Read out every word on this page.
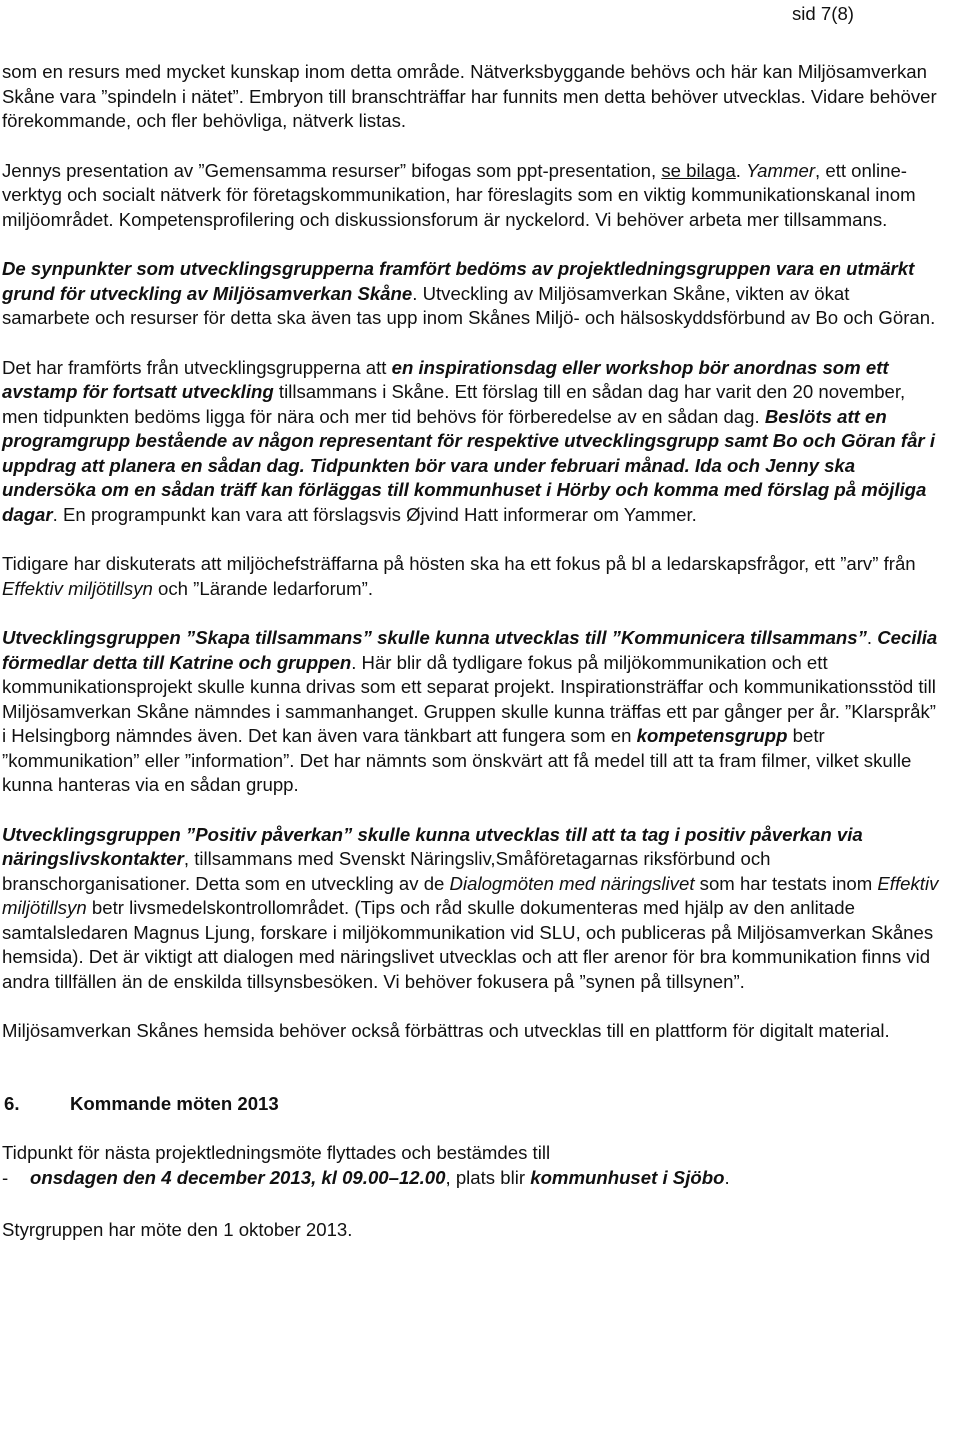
sid 7(8)

som en resurs med mycket kunskap inom detta område. Nätverksbyggande behövs och här kan Miljösamverkan Skåne vara ”spindeln i nätet”. Embryon till branschträffar har funnits men detta behöver utvecklas. Vidare behöver förekommande, och fler behövliga, nätverk listas.

Jennys presentation av ”Gemensamma resurser” bifogas som ppt-presentation, se bilaga. Yammer, ett online-verktyg och socialt nätverk för företagskommunikation, har föreslagits som en viktig kommunikationskanal inom miljöområdet. Kompetensprofilering och diskussionsforum är nyckelord. Vi behöver arbeta mer tillsammans.

De synpunkter som utvecklingsgrupperna framfört bedöms av projektledningsgruppen vara en utmärkt grund för utveckling av Miljösamverkan Skåne. Utveckling av Miljösamverkan Skåne, vikten av ökat samarbete och resurser för detta ska även tas upp inom Skånes Miljö- och hälsoskyddsförbund av Bo och Göran.

Det har framförts från utvecklingsgrupperna att en inspirationsdag eller workshop bör anordnas som ett avstamp för fortsatt utveckling tillsammans i Skåne. Ett förslag till en sådan dag har varit den 20 november, men tidpunkten bedöms ligga för nära och mer tid behövs för förberedelse av en sådan dag. Beslöts att en programgrupp bestående av någon representant för respektive utvecklingsgrupp samt Bo och Göran får i uppdrag att planera en sådan dag. Tidpunkten bör vara under februari månad. Ida och Jenny ska undersöka om en sådan träff kan förläggas till kommunhuset i Hörby och komma med förslag på möjliga dagar. En programpunkt kan vara att förslagsvis Øjvind Hatt informerar om Yammer.

Tidigare har diskuterats att miljöchefsträffarna på hösten ska ha ett fokus på bl a ledarskapsfrågor, ett ”arv” från Effektiv miljötillsyn och ”Lärande ledarforum”.

Utvecklingsgruppen ”Skapa tillsammans” skulle kunna utvecklas till ”Kommunicera tillsammans”. Cecilia förmedlar detta till Katrine och gruppen. Här blir då tydligare fokus på miljökommunikation och ett kommunikationsprojekt skulle kunna drivas som ett separat projekt. Inspirationsträffar och kommunikationsstöd till Miljösamverkan Skåne nämndes i sammanhanget. Gruppen skulle kunna träffas ett par gånger per år. ”Klarspråk” i Helsingborg nämndes även. Det kan även vara tänkbart att fungera som en kompetensgrupp betr ”kommunikation” eller ”information”. Det har nämnts som önskvärt att få medel till att ta fram filmer, vilket skulle kunna hanteras via en sådan grupp.

Utvecklingsgruppen ”Positiv påverkan” skulle kunna utvecklas till att ta tag i positiv påverkan via näringslivskontakter, tillsammans med Svenskt Näringsliv,Småföretagarnas riksförbund och branschorganisationer. Detta som en utveckling av de Dialogmöten med näringslivet som har testats inom Effektiv miljötillsyn betr livsmedelskontrollområdet. (Tips och råd skulle dokumenteras med hjälp av den anlitade samtalsledaren Magnus Ljung, forskare i miljökommunikation vid SLU, och publiceras på Miljösamverkan Skånes hemsida). Det är viktigt att dialogen med näringslivet utvecklas och att fler arenor för bra kommunikation finns vid andra tillfällen än de enskilda tillsynsbesöken. Vi behöver fokusera på ”synen på tillsynen”.

Miljösamverkan Skånes hemsida behöver också förbättras och utvecklas till en plattform för digitalt material.

6.	Kommande möten 2013

Tidpunkt för nästa projektledningsmöte flyttades och bestämdes till

-	onsdagen den 4 december 2013, kl 09.00–12.00, plats blir kommunhuset i Sjöbo.

Styrgruppen har möte den 1 oktober 2013.
